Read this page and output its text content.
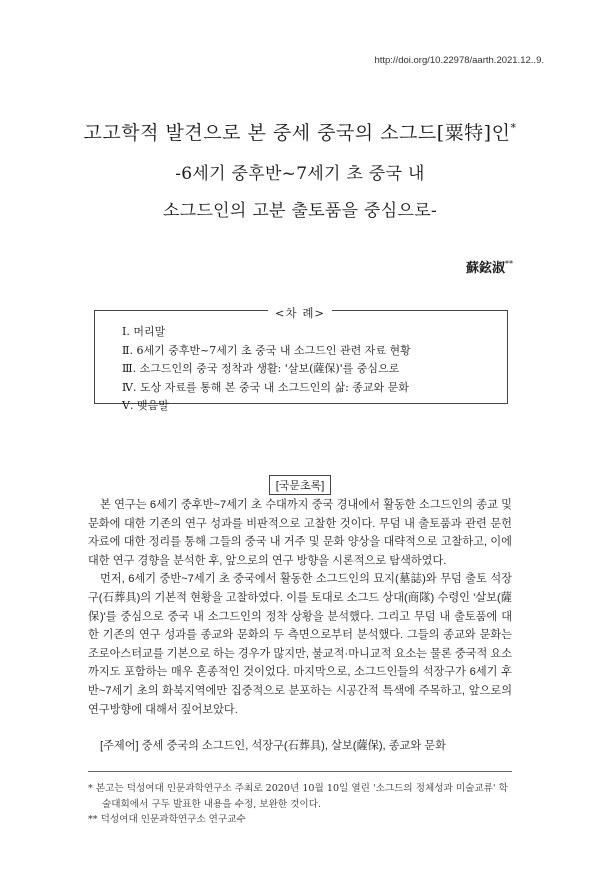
http://doi.org/10.22978/aarth.2021.12..9.
고고학적 발견으로 본 중세 중국의 소그드[粟特]인*
-6세기 중후반~7세기 초 중국 내
소그드인의 고분 출토품을 중심으로-
蘇鉉淑**
<차 례>
Ⅰ. 머리말
Ⅱ. 6세기 중후반~7세기 초 중국 내 소그드인 관련 자료 현황
Ⅲ. 소그드인의 중국 정착과 생활: '살보(薩保)'를 중심으로
Ⅳ. 도상 자료를 통해 본 중국 내 소그드인의 삶: 종교와 문화
Ⅴ. 맺음말
[국문초록]

본 연구는 6세기 중후반~7세기 초 수대까지 중국 경내에서 활동한 소그드인의 종교 및 문화에 대한 기존의 연구 성과를 비판적으로 고찰한 것이다. 무덤 내 출토품과 관련 문헌자료에 대한 정리를 통해 그들의 중국 내 거주 및 문화 양상을 대략적으로 고찰하고, 이에 대한 연구 경향을 분석한 후, 앞으로의 연구 방향을 시론적으로 탐색하였다.

먼저, 6세기 중반~7세기 초 중국에서 활동한 소그드인의 묘지(墓誌)와 무덤 출토 석장구(石葬具)의 기본적 현황을 고찰하였다. 이를 토대로 소그드 상대(商隊) 수령인 '살보(薩保)'를 중심으로 중국 내 소그드인의 정착 상황을 분석했다. 그리고 무덤 내 출토품에 대한 기존의 연구 성과를 종교와 문화의 두 측면으로부터 분석했다. 그들의 종교와 문화는 조로아스터교를 기본으로 하는 경우가 많지만, 불교적·마니교적 요소는 물론 중국적 요소까지도 포함하는 매우 혼종적인 것이었다. 마지막으로, 소그드인들의 석장구가 6세기 후반~7세기 초의 화북지역에만 집중적으로 분포하는 시공간적 특색에 주목하고, 앞으로의 연구방향에 대해서 짚어보았다.

[주제어] 중세 중국의 소그드인, 석장구(石葬具), 살보(薩保), 종교와 문화
* 본고는 덕성여대 인문과학연구소 주최로 2020년 10월 10일 열린 '소그드의 정체성과 미술교류' 학술대회에서 구두 발표한 내용을 수정, 보완한 것이다.
** 덕성여대 인문과학연구소 연구교수
